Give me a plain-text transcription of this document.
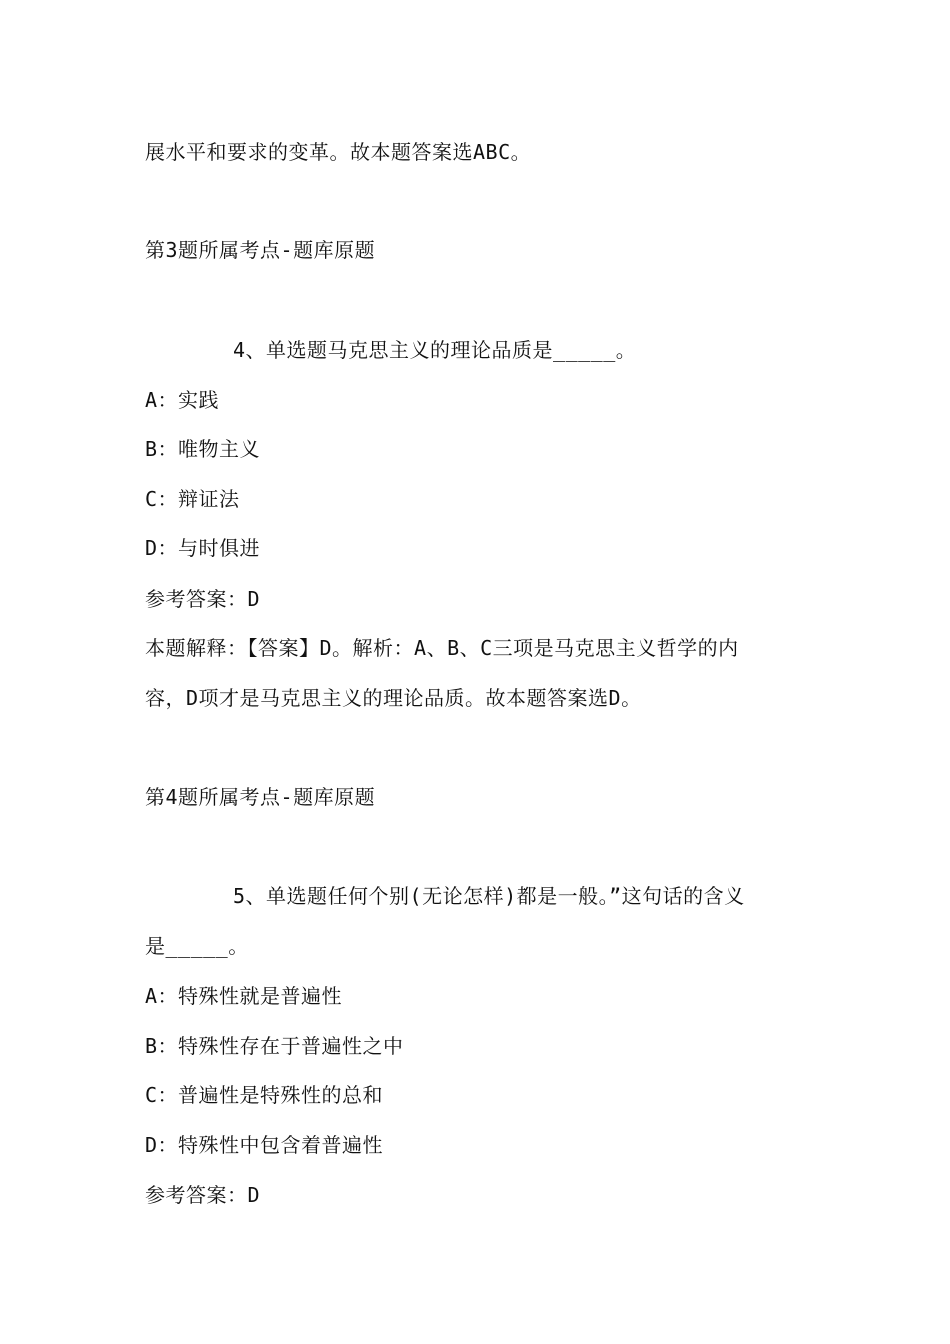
展水平和要求的变革。故本题答案选ABC。
第3题所属考点-题库原题
4、单选题马克思主义的理论品质是_____。
A：实践
B：唯物主义
C：辩证法
D：与时俱进
参考答案：D
本题解释：【答案】D。解析：A、B、C三项是马克思主义哲学的内
容，D项才是马克思主义的理论品质。故本题答案选D。
第4题所属考点-题库原题
5、单选题任何个别(无论怎样)都是一般。”这句话的含义
是_____。
A：特殊性就是普遍性
B：特殊性存在于普遍性之中
C：普遍性是特殊性的总和
D：特殊性中包含着普遍性
参考答案：D
